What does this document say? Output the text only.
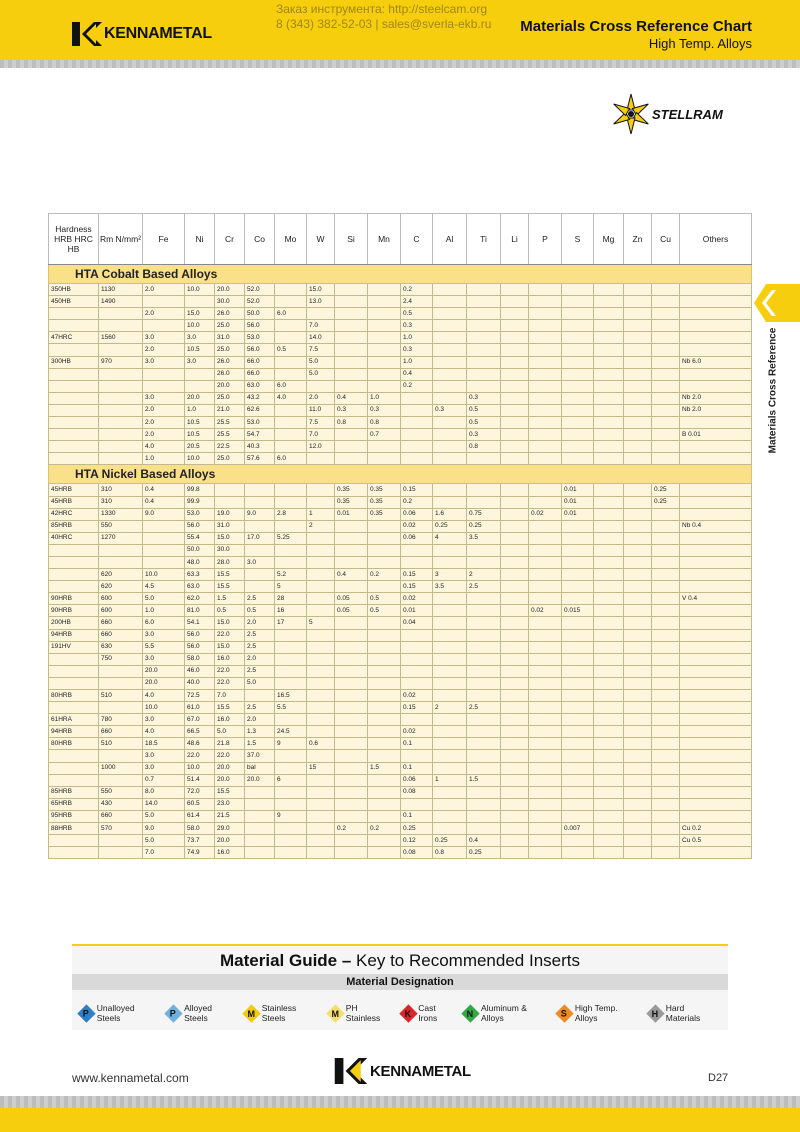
KENNAMETAL
Заказ инструмента: http://steelcam.org
8 (343) 382-52-03 | sales@sverla-ekb.ru Materials Cross Reference Chart
High Temp. Alloys
STELLRAM
Hardness HRB HRC HB	Rm N/mm²	Fe	Ni	Cr	Co	Mo	W	Si	Mn	C	Al	Ti	Li	P	S	Mg	Zn	Cu	Others
HTA Cobalt Based Alloys																			
350HB	1130	2.0	10.0	20.0	52.0		15.0			0.2									
450HB	1490			30.0	52.0		13.0			2.4									
		2.0	15.0	26.0	50.0	6.0				0.5									
			10.0	25.0	56.0		7.0			0.3									
47HRC	1560	3.0	3.0	31.0	53.0		14.0			1.0									
		2.0	10.5	25.0	56.0	0.5	7.5			0.3									
300HB	970	3.0	3.0	26.0	66.0		5.0			1.0									Nb 6.0
				26.0	66.0		5.0			0.4									
				20.0	63.0	6.0				0.2									
		3.0	20.0	25.0	43.2	4.0	2.0	0.4	1.0			0.3							Nb 2.0
		2.0	1.0	21.0	62.6		11.0	0.3	0.3		0.3	0.5							Nb 2.0
		2.0	10.5	25.5	53.0		7.5	0.8	0.8			0.5							
		2.0	10.5	25.5	54.7		7.0		0.7			0.3							B 0.01
		4.0	20.5	22.5	40.3		12.0					0.8							
		1.0	10.0	25.0	57.6	6.0													
HTA Nickel Based Alloys																			
45HRB	310	0.4	99.8					0.35	0.35	0.15					0.01			0.25	
45HRB	310	0.4	99.9					0.35	0.35	0.2					0.01			0.25	
42HRC	1330	9.0	53.0	19.0	9.0	2.8	1	0.01	0.35	0.06	1.6	0.75		0.02	0.01				
85HRB	550		56.0	31.0			2			0.02	0.25	0.25							Nb 0.4
40HRC	1270		55.4	15.0	17.0	5.25				0.06	4	3.5							
			50.0	30.0															
			48.0	28.0	3.0														
	620	10.0	63.3	15.5		5.2		0.4	0.2	0.15	3	2							
	620	4.5	63.0	15.5		5				0.15	3.5	2.5							
90HRB	600	5.0	62.0	1.5	2.5	28		0.05	0.5	0.02									V 0.4
90HRB	600	1.0	81.0	0.5	0.5	16		0.05	0.5	0.01				0.02	0.015				
200HB	660	6.0	54.1	15.0	2.0	17	5			0.04									
94HRB	660	3.0	56.0	22.0	2.5														
191HV	630	5.5	56.0	15.0	2.5														
	750	3.0	58.0	16.0	2.0														
		20.0	46.0	22.0	2.5														
		20.0	40.0	22.0	5.0														
80HRB	510	4.0	72.5	7.0		16.5				0.02									
		10.0	61.0	15.5	2.5	5.5				0.15	2	2.5							
61HRA	780	3.0	67.0	16.0	2.0														
94HRB	660	4.0	66.5	5.0	1.3	24.5				0.02									
80HRB	510	18.5	48.6	21.8	1.5	9	0.6			0.1									
		3.0	22.0	22.0	37.0														
	1000	3.0	10.0	20.0	bal		15		1.5	0.1									
		0.7	51.4	20.0	20.0	6				0.06	1	1.5							
85HRB	550	8.0	72.0	15.5						0.08									
65HRB	430	14.0	60.5	23.0															
95HRB	660	5.0	61.4	21.5		9				0.1									
88HRB	570	9.0	58.0	29.0				0.2	0.2	0.25					0.007				Cu 0.2
		5.0	73.7	20.0						0.12	0.25	0.4							Cu 0.5
		7.0	74.9	16.0						0.08	0.8	0.25							
Materials Cross Reference
Material Guide – Key to Recommended Inserts
Material Designation
P Unalloyed Steels
P Alloyed Steels	M Stainless Steels	M PH Stainless	K Cast Irons	N Aluminum & Alloys
S High Temp. Alloys	H Hard Materials
www.kennametal.com	KENNAMETAL	D27
